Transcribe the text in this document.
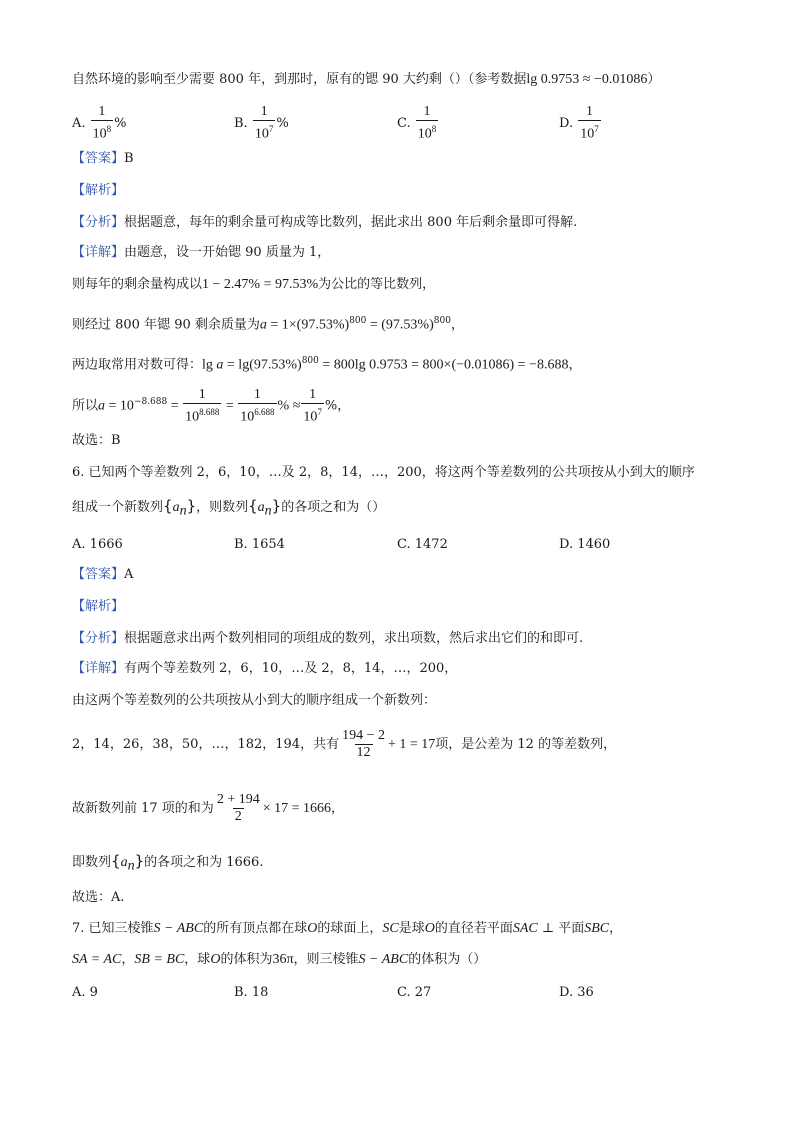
自然环境的影响至少需要 800 年，到那时，原有的锶 90 大约剩（）（参考数据lg 0.9753 ≈ −0.01086）
A. $\frac{1}{10^8}$ %	B. $\frac{1}{10^7}$ %	C. $\frac{1}{10^8}$	D. $\frac{1}{10^7}$
【答案】B
【解析】
【分析】根据题意，每年的剩余量可构成等比数列，据此求出 800 年后剩余量即可得解.
【详解】由题意，设一开始锶 90 质量为 1，
则每年的剩余量构成以1 − 2.47% = 97.53%为公比的等比数列，
则经过 800 年锶 90 剩余质量为$a = 1\times(97.53\%)^{800} = (97.53\%)^{800}$，
两边取常用对数可得：$\lg a = \lg(97.53\%)^{800} = 800\lg$ 0.9753 = 800×(−0.01086) = −8.688，
所以$a = 10^{-8.688} = \frac{1}{10^{8.688}} = \frac{1}{10^{6.688}}$ % ≈ $\frac{1}{10^7}$ %，
故选：B
6. 已知两个等差数列 2，6，10，…及 2，8，14，…，200，将这两个等差数列的公共项按从小到大的顺序
组成一个新数列$\{a_n\}$，则数列$\{a_n\}$的各项之和为（）
A. 1666	B. 1654	C. 1472	D. 1460
【答案】A
【解析】
【分析】根据题意求出两个数列相同的项组成的数列，求出项数，然后求出它们的和即可.
【详解】有两个等差数列 2，6，10，…及 2，8，14，…，200，
由这两个等差数列的公共项按从小到大的顺序组成一个新数列：
2，14，26，38，50，…，182，194，共有 $\frac{194 - 2}{12} + 1 = 17$项，是公差为 12 的等差数列，
故新数列前 17 项的和为 $\frac{2 + 194}{2} \times 17 = 1666$，
即数列$\{a_n\}$的各项之和为 1666.
故选：A.
7. 已知三棱锥S − ABC的所有顶点都在球O的球面上，SC是球O的直径若平面SAC ⊥ 平面SBC，
SA = AC，SB = BC，球O的体积为36π，则三棱锥S − ABC的体积为（）
A. 9	B. 18	C. 27	D. 36
